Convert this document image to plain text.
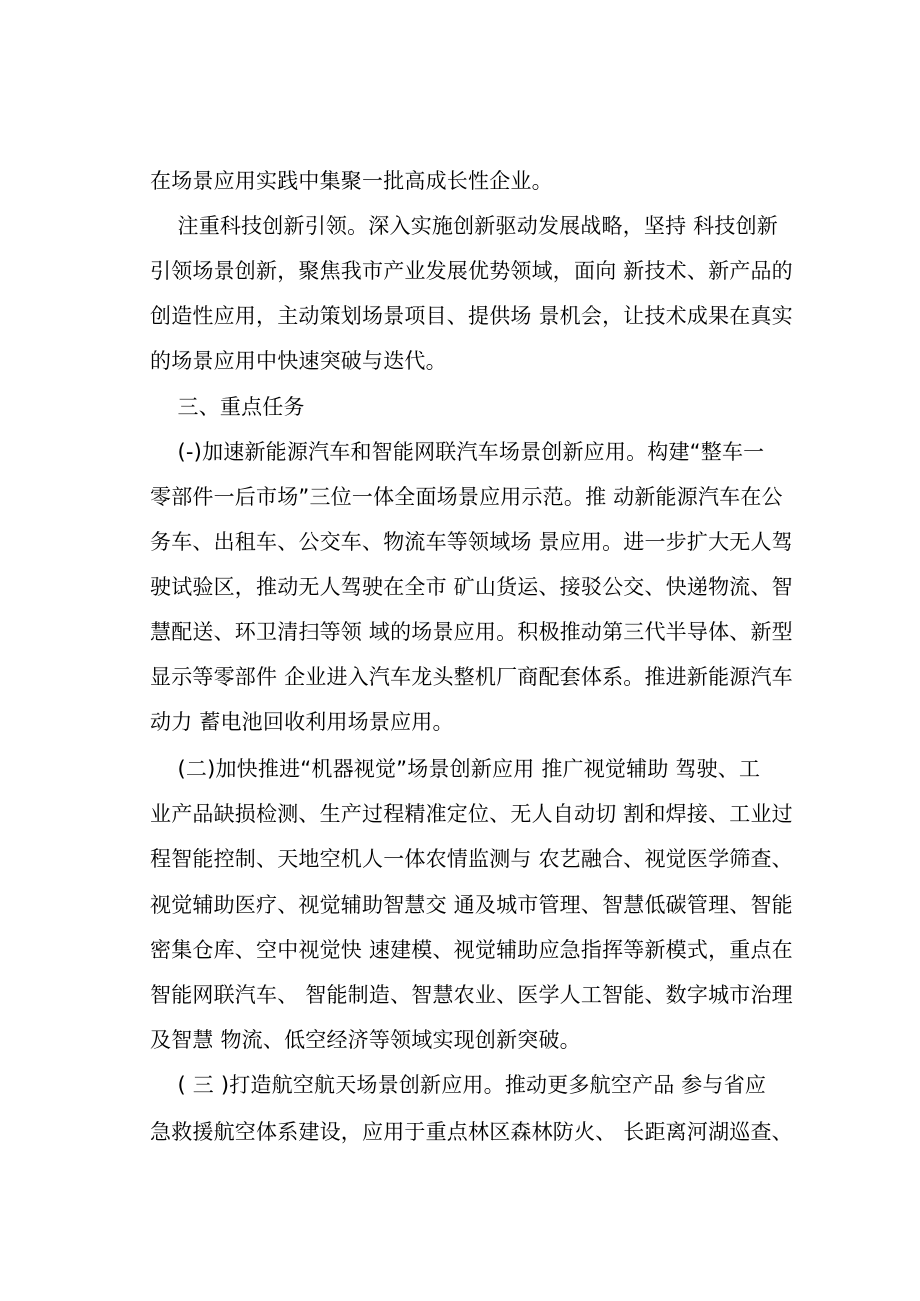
在场景应用实践中集聚一批高成长性企业。
注重科技创新引领。深入实施创新驱动发展战略，坚持 科技创新
引领场景创新，聚焦我市产业发展优势领域，面向 新技术、新产品的
创造性应用，主动策划场景项目、提供场 景机会，让技术成果在真实
的场景应用中快速突破与迭代。
三、重点任务
(-)加速新能源汽车和智能网联汽车场景创新应用。构建“整车一
零部件一后市场”三位一体全面场景应用示范。推 动新能源汽车在公
务车、出租车、公交车、物流车等领域场 景应用。进一步扩大无人驾
驶试验区，推动无人驾驶在全市 矿山货运、接驳公交、快递物流、智
慧配送、环卫清扫等领 域的场景应用。积极推动第三代半导体、新型
显示等零部件 企业进入汽车龙头整机厂商配套体系。推进新能源汽车
动力 蓄电池回收利用场景应用。
(二)加快推进“机器视觉”场景创新应用 推广视觉辅助 驾驶、工
业产品缺损检测、生产过程精准定位、无人自动切 割和焊接、工业过
程智能控制、天地空机人一体农情监测与 农艺融合、视觉医学筛查、
视觉辅助医疗、视觉辅助智慧交 通及城市管理、智慧低碳管理、智能
密集仓库、空中视觉快 速建模、视觉辅助应急指挥等新模式，重点在
智能网联汽车、 智能制造、智慧农业、医学人工智能、数字城市治理
及智慧 物流、低空经济等领域实现创新突破。
( 三 )打造航空航天场景创新应用。推动更多航空产品 参与省应
急救援航空体系建设，应用于重点林区森林防火、 长距离河湖巡查、
